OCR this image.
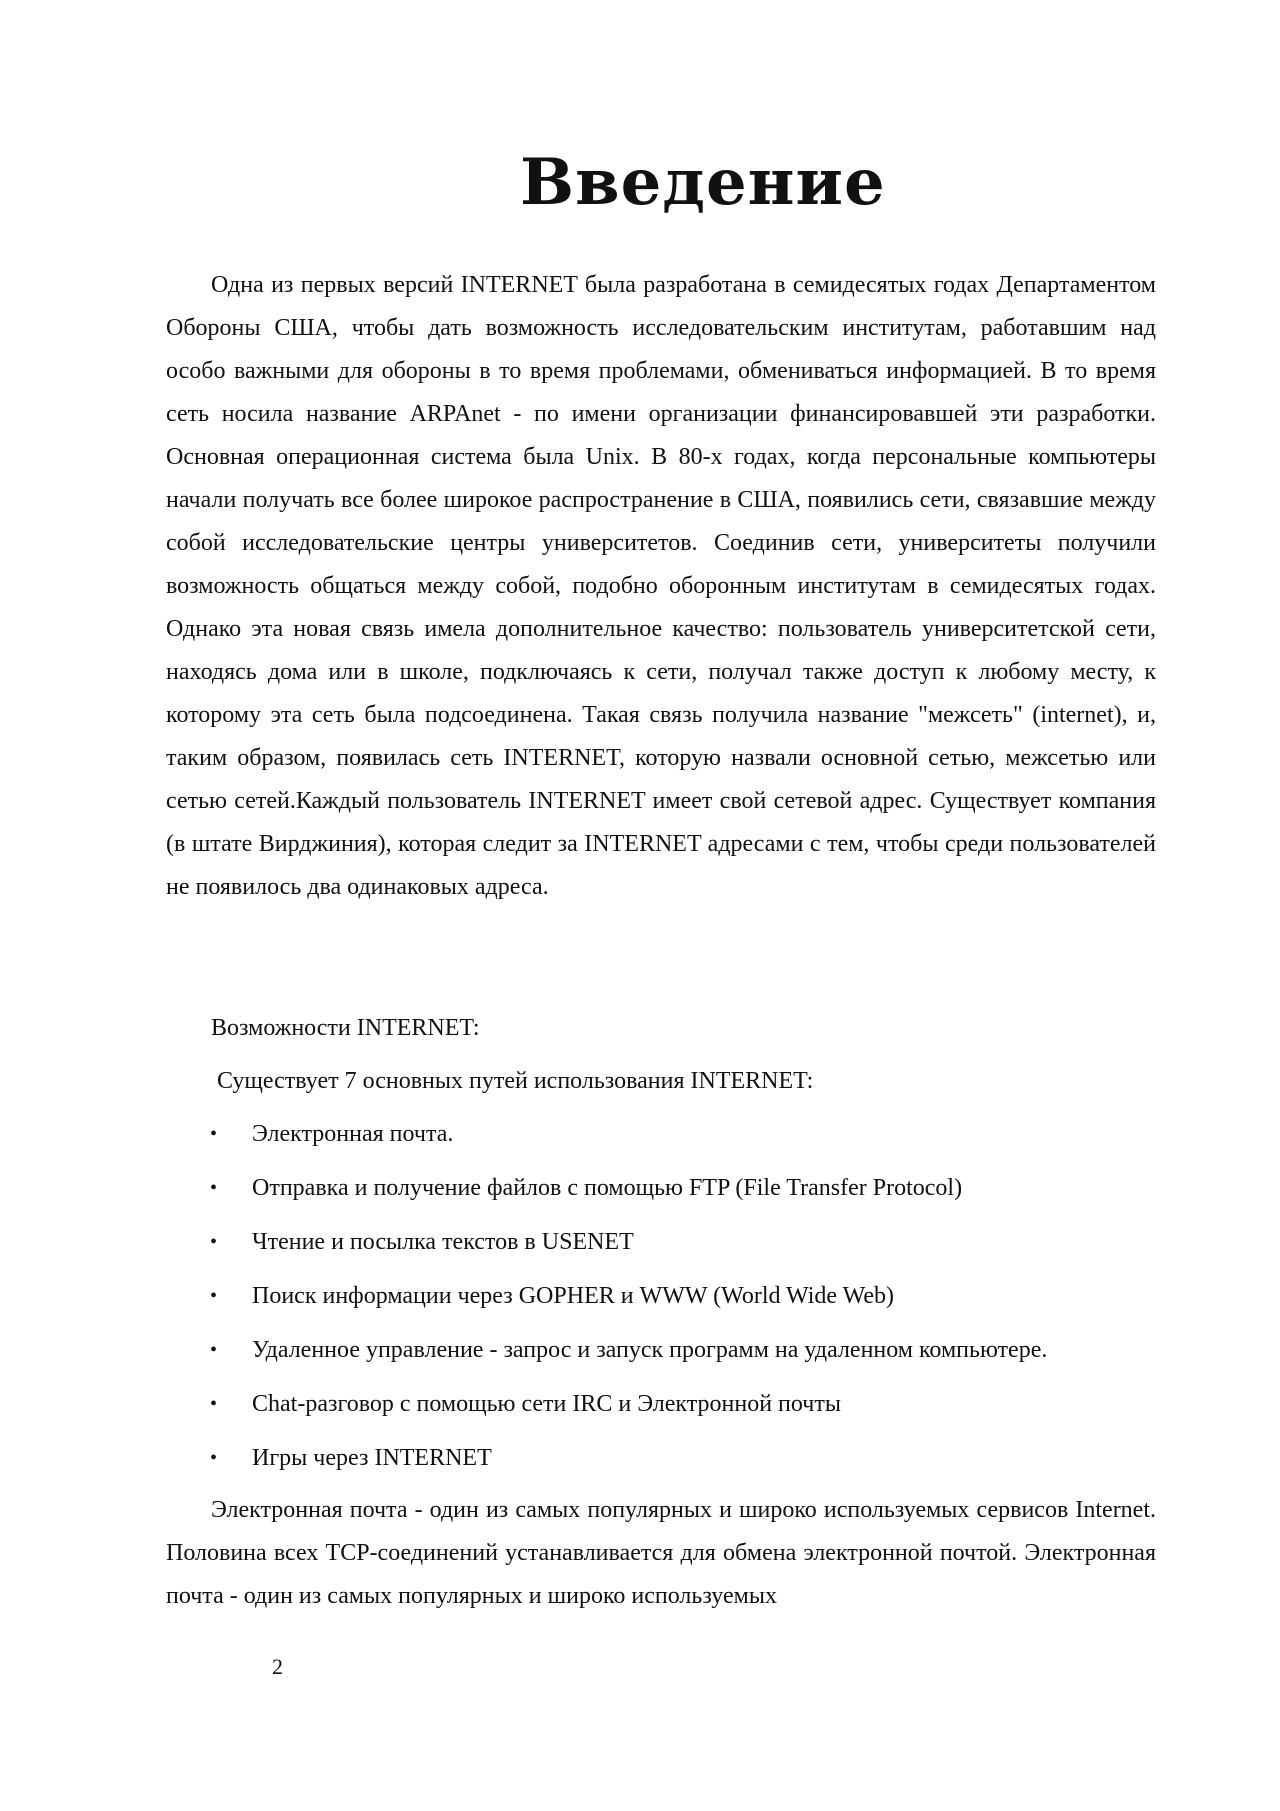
Введение

Одна из первых версий INTERNET была разработана в семидесятых годах Департаментом Обороны США, чтобы дать возможность исследовательским институтам, работавшим над особо важными для обороны в то время проблемами, обмениваться информацией. В то время сеть носила название ARPAnet - по имени организации финансировавшей эти разработки. Основная операционная система была Unix. В 80-х годах, когда персональные компьютеры начали получать все более широкое распространение в США, появились сети, связавшие между собой исследовательские центры университетов. Соединив сети, университеты получили возможность общаться между собой, подобно оборонным институтам в семидесятых годах. Однако эта новая связь имела дополнительное качество: пользователь университетской сети, находясь дома или в школе, подключаясь к сети, получал также доступ к любому месту, к которому эта сеть была подсоединена. Такая связь получила название "межсеть" (internet), и, таким образом, появилась сеть INTERNET, которую назвали основной сетью, межсетью или сетью сетей.Каждый пользователь INTERNET имеет свой сетевой адрес. Существует компания (в штате Вирджиния), которая следит за INTERNET адресами с тем, чтобы среди пользователей не появилось два одинаковых адреса.

Возможности INTERNET:

Существует 7 основных путей использования INTERNET:

•	Электронная почта.
•	Отправка и получение файлов с помощью FTP (File Transfer Protocol)
•	Чтение и посылка текстов в USENET
•	Поиск информации через GOPHER и WWW (World Wide Web)
•	Удаленное управление - запрос и запуск программ на удаленном компьютере.
•	Chat-разговор с помощью сети IRC и Электронной почты
•	Игры через INTERNET

Электронная почта - один из самых популярных и широко используемых сервисов Internet. Половина всех TCP-соединений устанавливается для обмена электронной почтой. Электронная почта - один из самых популярных и широко используемых

2
